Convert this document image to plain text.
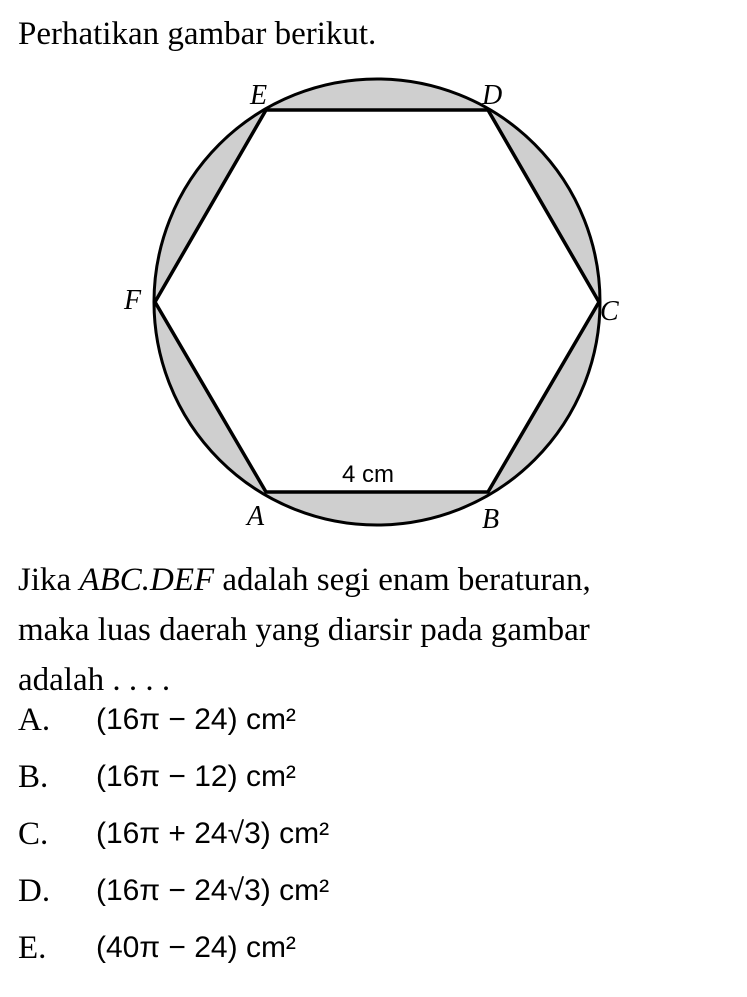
Perhatikan gambar berikut.
A	B
C
D
E
F
4 cm
Jika ABC.DEF adalah segi enam beraturan,
maka luas daerah yang diarsir pada gambar
adalah . . . .
A. (16π − 24) cm²
B. (16π − 12) cm²
C. (16π + 24√3) cm²
D. (16π − 24√3) cm²
E. (40π − 24) cm²
